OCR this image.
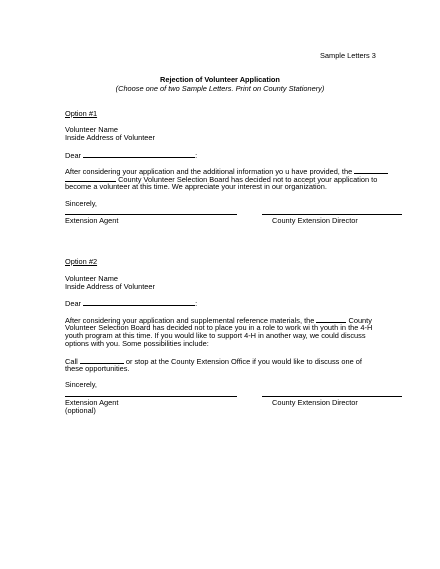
Sample Letters 3
Rejection of Volunteer Application
(Choose one of two Sample Letters. Print on County Stationery)
Option #1
Volunteer Name
Inside Address of Volunteer
Dear	:
After considering your application and the additional information yo u have provided, the
County Volunteer Selection Board has decided not to accept your application to
become a volunteer at this time. We appreciate your interest in our organization.
Sincerely,
Extension Agent	County Extension Director
Option #2
Volunteer Name
Inside Address of Volunteer
Dear	:
After considering your application and supplemental reference materials, the	County
Volunteer Selection Board has decided not to place you in a role to work wi th youth in the 4-H
youth program at this time. If you would like to support 4-H in another way, we could discuss
options with you. Some possibilities include:
Call	or stop at the County Extension Office if you would like to discuss one of
these opportunities.
Sincerely,
Extension Agent
(optional)
County Extension Director
